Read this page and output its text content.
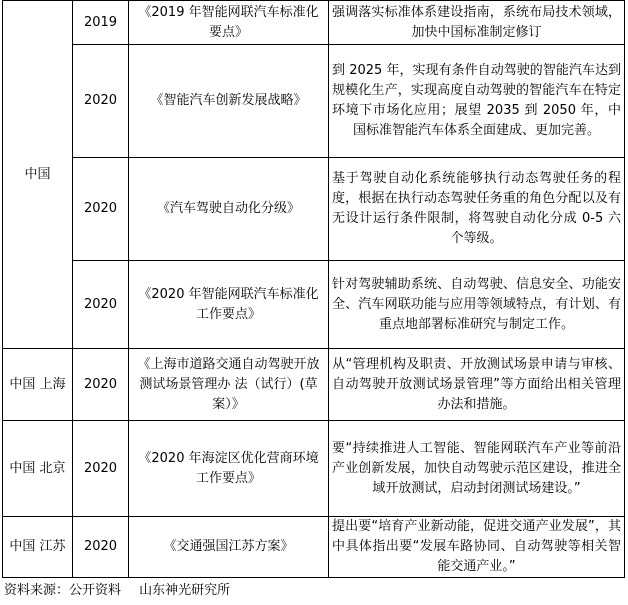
中国	2019	《2019 年智能网联汽车标准化要点》	强调落实标准体系建设指南，系统布局技术领域，加快中国标准制定修订
	2020	《智能汽车创新发展战略》	到 2025 年，实现有条件自动驾驶的智能汽车达到规模化生产，实现高度自动驾驶的智能汽车在特定环境下市场化应用；展望 2035 到 2050 年，中国标准智能汽车体系全面建成、更加完善。
	2020	《汽车驾驶自动化分级》	基于驾驶自动化系统能够执行动态驾驶任务的程度，根据在执行动态驾驶任务重的角色分配以及有无设计运行条件限制，将驾驶自动化分成 0-5 六个等级。
	2020	《2020 年智能网联汽车标准化工作要点》	针对驾驶辅助系统、自动驾驶、信息安全、功能安全、汽车网联功能与应用等领域特点，有计划、有重点地部署标准研究与制定工作。
中国 上海	2020	《上海市道路交通自动驾驶开放测试场景管理办 法（试行）(草案）》	从“管理机构及职责、开放测试场景申请与审核、自动驾驶开放测试场景管理”等方面给出相关管理办法和措施。
中国 北京	2020	《2020 年海淀区优化营商环境工作要点》	要“持续推进人工智能、智能网联汽车产业等前沿产业创新发展，加快自动驾驶示范区建设，推进全域开放测试，启动封闭测试场建设。”
中国 江苏	2020	《交通强国江苏方案》	提出要“培育产业新动能，促进交通产业发展”，其中具体指出要“发展车路协同、自动驾驶等相关智能交通产业。”
资料来源：公开资料 山东神光研究所
